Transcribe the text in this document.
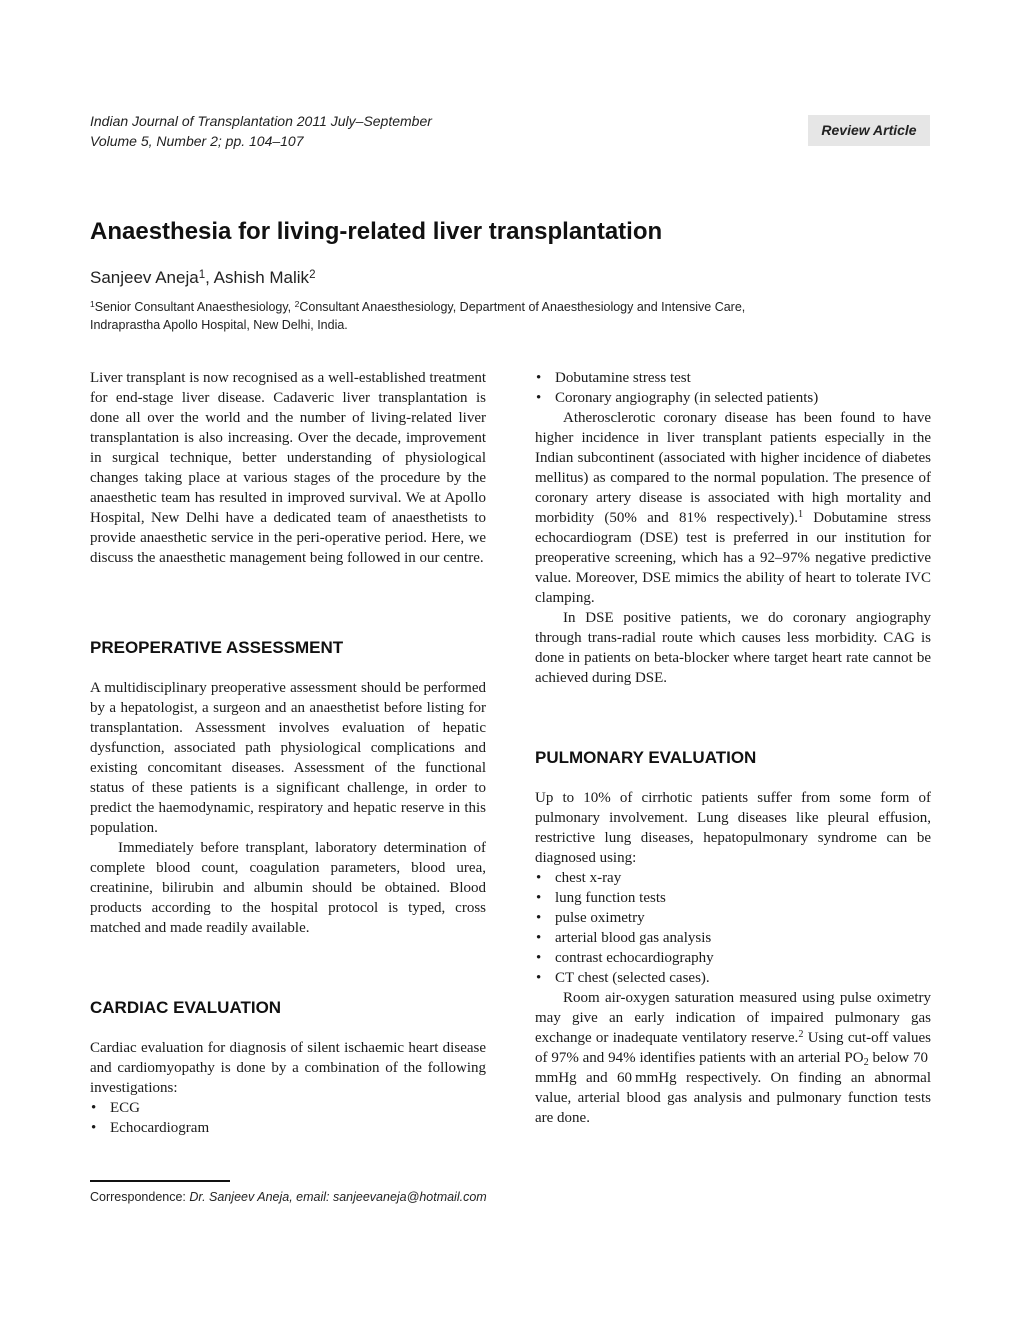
Indian Journal of Transplantation 2011 July–September
Volume 5, Number 2; pp. 104–107
Review Article
Anaesthesia for living-related liver transplantation
Sanjeev Aneja$^1$, Ashish Malik$^2$
$^1$Senior Consultant Anaesthesiology, $^2$Consultant Anaesthesiology, Department of Anaesthesiology and Intensive Care,
Indraprastha Apollo Hospital, New Delhi, India.

Liver transplant is now recognised as a well-established treatment for end-stage liver disease. Cadaveric liver transplantation is done all over the world and the number of living-related liver transplantation is also increasing. Over the decade, improvement in surgical technique, better understanding of physiological changes taking place at various stages of the procedure by the anaesthetic team has resulted in improved survival. We at Apollo Hospital, New Delhi have a dedicated team of anaesthetists to provide anaesthetic service in the peri-operative period. Here, we discuss the anaesthetic management being followed in our centre.

PREOPERATIVE ASSESSMENT

A multidisciplinary preoperative assessment should be performed by a hepatologist, a surgeon and an anaesthetist before listing for transplantation. Assessment involves evaluation of hepatic dysfunction, associated path physiological complications and existing concomitant diseases. Assessment of the functional status of these patients is a significant challenge, in order to predict the haemodynamic, respiratory and hepatic reserve in this population.

Immediately before transplant, laboratory determination of complete blood count, coagulation parameters, blood urea, creatinine, bilirubin and albumin should be obtained. Blood products according to the hospital protocol is typed, cross matched and made readily available.

CARDIAC EVALUATION

Cardiac evaluation for diagnosis of silent ischaemic heart disease and cardiomyopathy is done by a combination of the following investigations:

• ECG
• Echocardiogram
• Dobutamine stress test
• Coronary angiography (in selected patients)

Atherosclerotic coronary disease has been found to have higher incidence in liver transplant patients especially in the Indian subcontinent (associated with higher incidence of diabetes mellitus) as compared to the normal population. The presence of coronary artery disease is associated with high mortality and morbidity (50% and 81% respectively).$^1$ Dobutamine stress echocardiogram (DSE) test is preferred in our institution for preoperative screening, which has a 92–97% negative predictive value. Moreover, DSE mimics the ability of heart to tolerate IVC clamping.

In DSE positive patients, we do coronary angiography through trans-radial route which causes less morbidity. CAG is done in patients on beta-blocker where target heart rate cannot be achieved during DSE.

PULMONARY EVALUATION

Up to 10% of cirrhotic patients suffer from some form of pulmonary involvement. Lung diseases like pleural effusion, restrictive lung diseases, hepatopulmonary syndrome can be diagnosed using:

• chest x-ray
• lung function tests
• pulse oximetry
• arterial blood gas analysis
• contrast echocardiography
• CT chest (selected cases).

Room air-oxygen saturation measured using pulse oximetry may give an early indication of impaired pulmonary gas exchange or inadequate ventilatory reserve.$^2$ Using cut-off values of 97% and 94% identifies patients with an arterial $PO_2$ below 70 mmHg and 60 mmHg respectively. On finding an abnormal value, arterial blood gas analysis and pulmonary function tests are done.

Correspondence: Dr. Sanjeev Aneja, email: sanjeevaneja@hotmail.com
